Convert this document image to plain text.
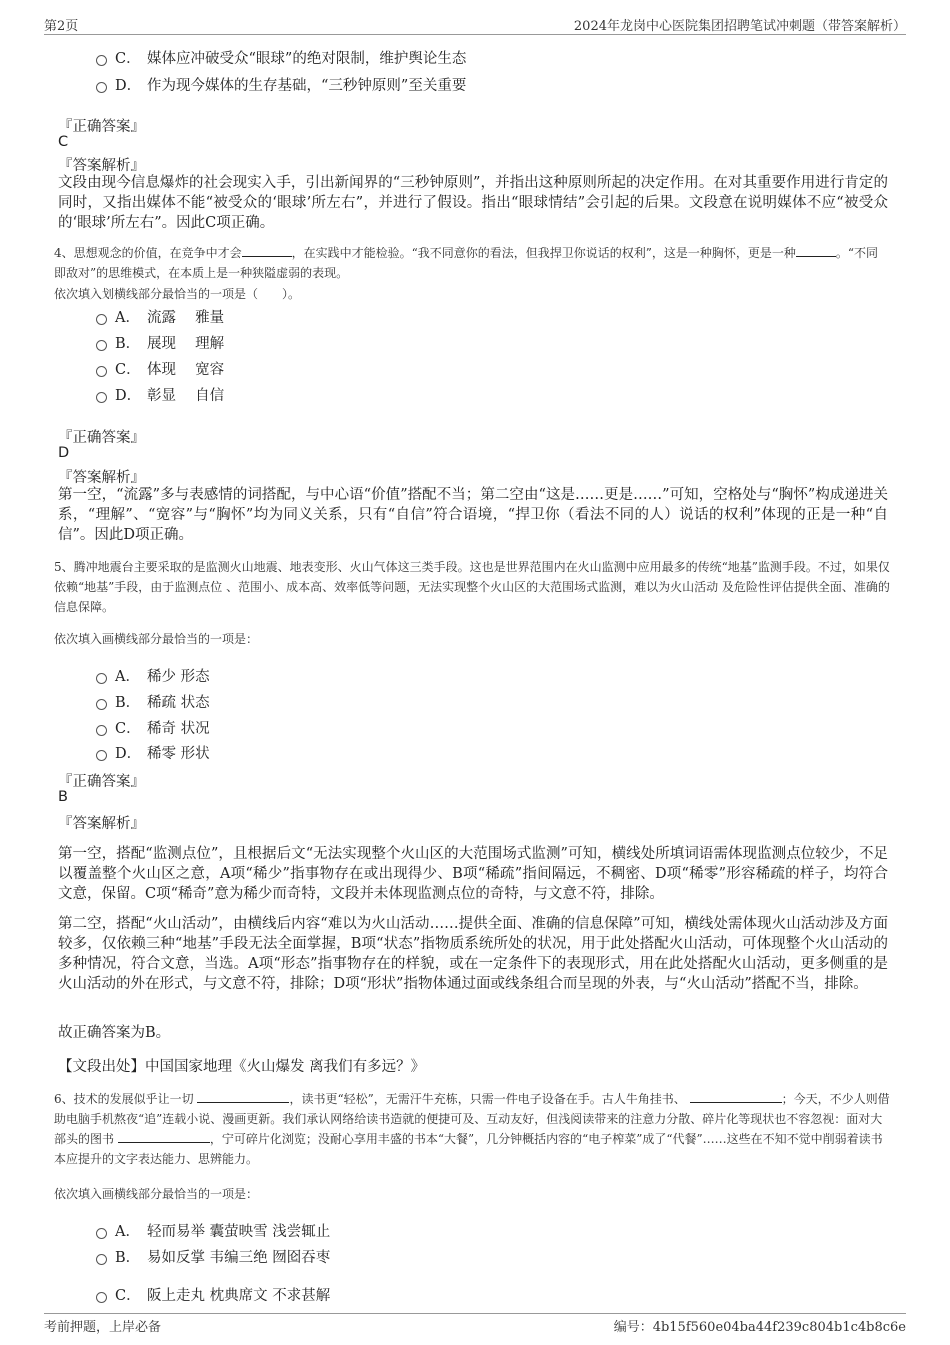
第2页	2024年龙岗中心医院集团招聘笔试冲刺题（带答案解析）
C． 媒体应冲破受众“眼球”的绝对限制，维护舆论生态
D． 作为现今媒体的生存基础，“三秒钟原则”至关重要
『正确答案』
C
『答案解析』

文段由现今信息爆炸的社会现实入手，引出新闻界的“三秒钟原则”，并指出这种原则所起的决定作用。在对其重要作用进行肯定的同时，又指出媒体不能“被受众的‘眼球’所左右”，并进行了假设。指出“眼球情结”会引起的后果。文段意在说明媒体不应“被受众的‘眼球’所左右”。因此C项正确。

4、思想观念的价值，在竞争中才会	，在实践中才能检验。“我不同意你的看法，但我捍卫你说话的权利”，这是一种胸怀，更是一种	。“不同即敌对”的思维模式，在本质上是一种狭隘虚弱的表现。

依次填入划横线部分最恰当的一项是（　　）。
A． 流露　 雅量
B． 展现　 理解
C． 体现　 宽容
D． 彰显　 自信
『正确答案』
D
『答案解析』

第一空，“流露”多与表感情的词搭配，与中心语“价值”搭配不当；第二空由“这是……更是……”可知，空格处与“胸怀”构成递进关系，“理解”、“宽容”与“胸怀”均为同义关系，只有“自信”符合语境，“捍卫你（看法不同的人）说话的权利”体现的正是一种“自信”。因此D项正确。

5、腾冲地震台主要采取的是监测火山地震、地表变形、火山气体这三类手段。这也是世界范围内在火山监测中应用最多的传统“地基”监测手段。不过，如果仅依赖“地基”手段，由于监测点位 、范围小、成本高、效率低等问题，无法实现整个火山区的大范围场式监测，难以为火山活动 及危险性评估提供全面、准确的信息保障。

依次填入画横线部分最恰当的一项是：
A． 稀少 形态
B． 稀疏 状态
C． 稀奇 状况
D． 稀零 形状
『正确答案』
B
『答案解析』

第一空，搭配“监测点位”，且根据后文“无法实现整个火山区的大范围场式监测”可知，横线处所填词语需体现监测点位较少，不足以覆盖整个火山区之意，A项“稀少”指事物存在或出现得少、B项“稀疏”指间隔远，不稠密、D项“稀零”形容稀疏的样子，均符合文意，保留。C项“稀奇”意为稀少而奇特，文段并未体现监测点位的奇特，与文意不符，排除。

第二空，搭配“火山活动”，由横线后内容“难以为火山活动……提供全面、准确的信息保障”可知，横线处需体现火山活动涉及方面较多，仅依赖三种“地基”手段无法全面掌握，B项“状态”指物质系统所处的状况，用于此处搭配火山活动，可体现整个火山活动的多种情况，符合文意，当选。A项“形态”指事物存在的样貌，或在一定条件下的表现形式，用在此处搭配火山活动，更多侧重的是火山活动的外在形式，与文意不符，排除；D项“形状”指物体通过面或线条组合而呈现的外表，与“火山活动”搭配不当，排除。

故正确答案为B。
【文段出处】中国国家地理《火山爆发 离我们有多远？》

6、技术的发展似乎让一切	，读书更“轻松”，无需汗牛充栋，只需一件电子设备在手。古人牛角挂书、	；今天，不少人则借助电脑手机熬夜“追”连载小说、漫画更新。我们承认网络给读书造就的便捷可及、互动友好，但浅阅读带来的注意力分散、碎片化等现状也不容忽视：面对大部头的图书	，宁可碎片化浏览；没耐心享用丰盛的书本“大餐”，几分钟概括内容的“电子榨菜”成了“代餐”……这些在不知不觉中削弱着读书本应提升的文字表达能力、思辨能力。

依次填入画横线部分最恰当的一项是：
A． 轻而易举 囊萤映雪 浅尝辄止
B． 易如反掌 韦编三绝 囫囵吞枣
C． 阪上走丸 枕典席文 不求甚解
考前押题，上岸必备	编号：4b15f560e04ba44f239c804b1c4b8c6e
